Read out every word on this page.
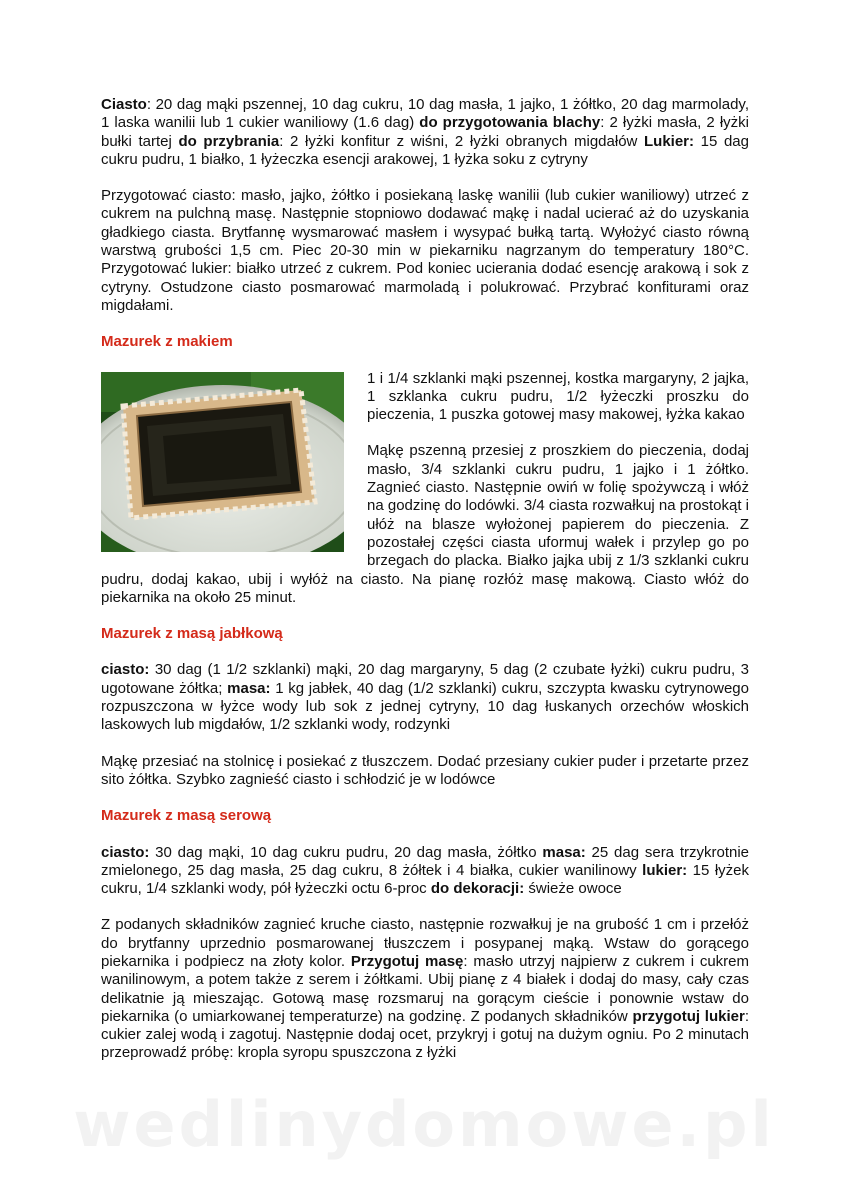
Ciasto: 20 dag mąki pszennej, 10 dag cukru, 10 dag masła, 1 jajko, 1 żółtko, 20 dag marmolady, 1 laska wanilii lub 1 cukier waniliowy (1.6 dag) do przygotowania blachy: 2 łyżki masła, 2 łyżki bułki tartej do przybrania: 2 łyżki konfitur z wiśni, 2 łyżki obranych migdałów Lukier: 15 dag cukru pudru, 1 białko, 1 łyżeczka esencji arakowej, 1 łyżka soku z cytryny

Przygotować ciasto: masło, jajko, żółtko i posiekaną laskę wanilii (lub cukier waniliowy) utrzeć z cukrem na pulchną masę. Następnie stopniowo dodawać mąkę i nadal ucierać aż do uzyskania gładkiego ciasta. Brytfannę wysmarować masłem i wysypać bułką tartą. Wyłożyć ciasto równą warstwą grubości 1,5 cm. Piec 20-30 min w piekarniku nagrzanym do temperatury 180°C. Przygotować lukier: białko utrzeć z cukrem. Pod koniec ucierania dodać esencję arakową i sok z cytryny. Ostudzone ciasto posmarować marmoladą i polukrować. Przybrać konfiturami oraz migdałami.

Mazurek z makiem

1 i 1/4 szklanki mąki pszennej, kostka margaryny, 2 jajka, 1 szklanka cukru pudru, 1/2 łyżeczki proszku do pieczenia, 1 puszka gotowej masy makowej, łyżka kakao

Mąkę pszenną przesiej z proszkiem do pieczenia, dodaj masło, 3/4 szklanki cukru pudru, 1 jajko i 1 żółtko. Zagnieć ciasto. Następnie owiń w folię spożywczą i włóż na godzinę do lodówki. 3/4 ciasta rozwałkuj na prostokąt i ułóż na blasze wyłożonej papierem do pieczenia. Z pozostałej części ciasta uformuj wałek i przylep go po brzegach do placka. Białko jajka ubij z 1/3 szklanki cukru pudru, dodaj kakao, ubij i wyłóż na ciasto. Na pianę rozłóż masę makową. Ciasto włóż do piekarnika na około 25 minut.

Mazurek z masą jabłkową

ciasto: 30 dag (1 1/2 szklanki) mąki, 20 dag margaryny, 5 dag (2 czubate łyżki) cukru pudru, 3 ugotowane żółtka; masa: 1 kg jabłek, 40 dag (1/2 szklanki) cukru, szczypta kwasku cytrynowego rozpuszczona w łyżce wody lub sok z jednej cytryny, 10 dag łuskanych orzechów włoskich laskowych lub migdałów, 1/2 szklanki wody, rodzynki

Mąkę przesiać na stolnicę i posiekać z tłuszczem. Dodać przesiany cukier puder i przetarte przez sito żółtka. Szybko zagnieść ciasto i schłodzić je w lodówce

Mazurek z masą serową

ciasto: 30 dag mąki, 10 dag cukru pudru, 20 dag masła, żółtko masa: 25 dag sera trzykrotnie zmielonego, 25 dag masła, 25 dag cukru, 8 żółtek i 4 białka, cukier wanilinowy lukier: 15 łyżek cukru, 1/4 szklanki wody, pół łyżeczki octu 6-proc do dekoracji: świeże owoce

Z podanych składników zagnieć kruche ciasto, następnie rozwałkuj je na grubość 1 cm i przełóż do brytfanny uprzednio posmarowanej tłuszczem i posypanej mąką. Wstaw do gorącego piekarnika i podpiecz na złoty kolor. Przygotuj masę: masło utrzyj najpierw z cukrem i cukrem wanilinowym, a potem także z serem i żółtkami. Ubij pianę z 4 białek i dodaj do masy, cały czas delikatnie ją mieszając. Gotową masę rozsmaruj na gorącym cieście i ponownie wstaw do piekarnika (o umiarkowanej temperaturze) na godzinę. Z podanych składników przygotuj lukier: cukier zalej wodą i zagotuj. Następnie dodaj ocet, przykryj i gotuj na dużym ogniu. Po 2 minutach przeprowadź próbę: kropla syropu spuszczona z łyżki

wedlinydomowe.pl
